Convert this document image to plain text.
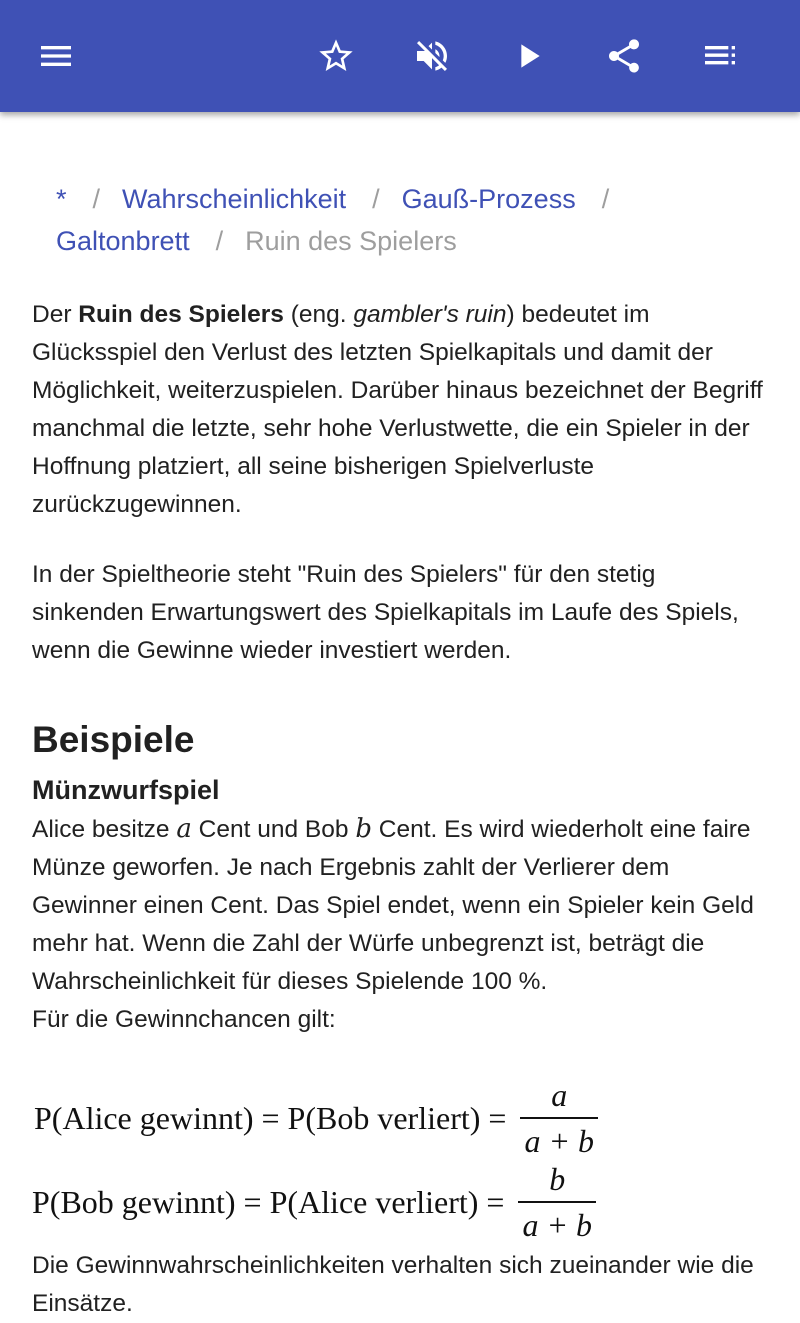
* / Wahrscheinlichkeit / Gauß-Prozess /
Galtonbrett / Ruin des Spielers

Der Ruin des Spielers (eng. gambler's ruin) bedeutet im Glücksspiel den Verlust des letzten Spielkapitals und damit der Möglichkeit, weiterzuspielen. Darüber hinaus bezeichnet der Begriff manchmal die letzte, sehr hohe Verlustwette, die ein Spieler in der Hoffnung platziert, all seine bisherigen Spielverluste zurückzugewinnen.

In der Spieltheorie steht "Ruin des Spielers" für den stetig sinkenden Erwartungswert des Spielkapitals im Laufe des Spiels, wenn die Gewinne wieder investiert werden.

Beispiele
Münzwurfspiel

Alice besitze a Cent und Bob b Cent. Es wird wiederholt eine faire Münze geworfen. Je nach Ergebnis zahlt der Verlierer dem Gewinner einen Cent. Das Spiel endet, wenn ein Spieler kein Geld mehr hat. Wenn die Zahl der Würfe unbegrenzt ist, beträgt die Wahrscheinlichkeit für dieses Spielende 100 %.
Für die Gewinnchancen gilt:

P(Alice gewinnt) = P(Bob verliert) = $\frac{a}{a + b}$
P(Bob gewinnt) = P(Alice verliert) = $\frac{b}{a + b}$

Die Gewinnwahrscheinlichkeiten verhalten sich zueinander wie die Einsätze.
